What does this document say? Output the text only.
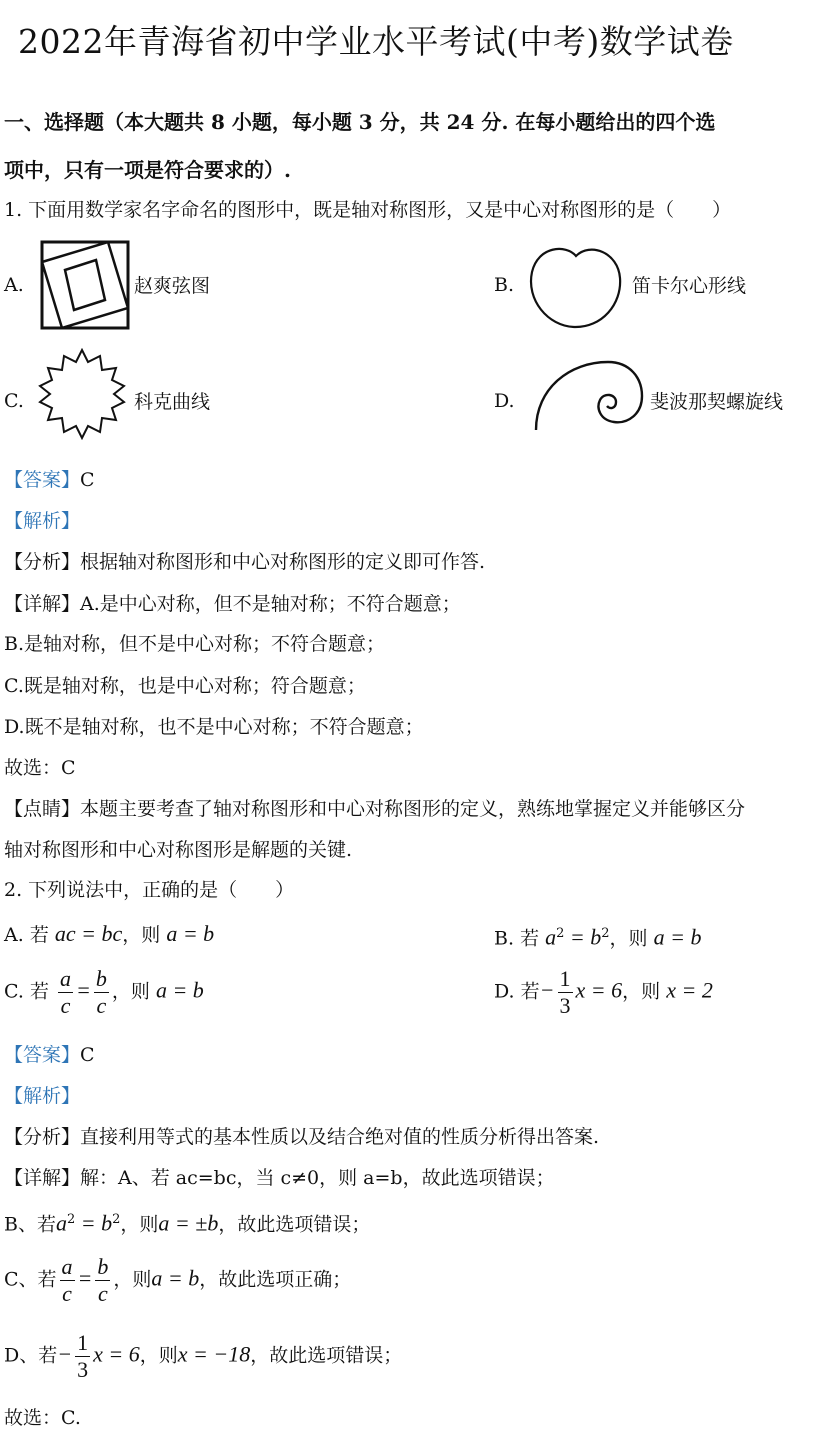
2022年青海省初中学业水平考试(中考)数学试卷
一、选择题（本大题共 8 小题，每小题 3 分，共 24 分. 在每小题给出的四个选
项中，只有一项是符合要求的）.
1. 下面用数学家名字命名的图形中，既是轴对称图形，又是中心对称图形的是（　　）
A.	赵爽弦图	B.	笛卡尔心形线
C.	科克曲线	D.	斐波那契螺旋线
【答案】C
【解析】
【分析】根据轴对称图形和中心对称图形的定义即可作答.
【详解】A.是中心对称，但不是轴对称；不符合题意；
B.是轴对称，但不是中心对称；不符合题意；
C.既是轴对称，也是中心对称；符合题意；
D.既不是轴对称，也不是中心对称；不符合题意；
故选：C
【点睛】本题主要考查了轴对称图形和中心对称图形的定义，熟练地掌握定义并能够区分
轴对称图形和中心对称图形是解题的关键.
2. 下列说法中，正确的是（　　）
A. 若 ac = bc，则 a = b	B. 若 $a^2 = b^2$，则 a = b
C. 若 $\frac{a}{c} = \frac{b}{c}$ ，则 a = b	D. 若− $\frac{1}{3}$ x = 6，则 x = 2
【答案】C
【解析】
【分析】直接利用等式的基本性质以及结合绝对值的性质分析得出答案.
【详解】解：A、若 ac=bc，当 c≠0，则 a=b，故此选项错误；
B、若$a^2 = b^2$，则a = ±b，故此选项错误；
C、若 $\frac{a}{c} = \frac{b}{c}$ ，则a = b，故此选项正确；
D、若− $\frac{1}{3}$ x = 6，则x = −18，故此选项错误；
故选：C.
